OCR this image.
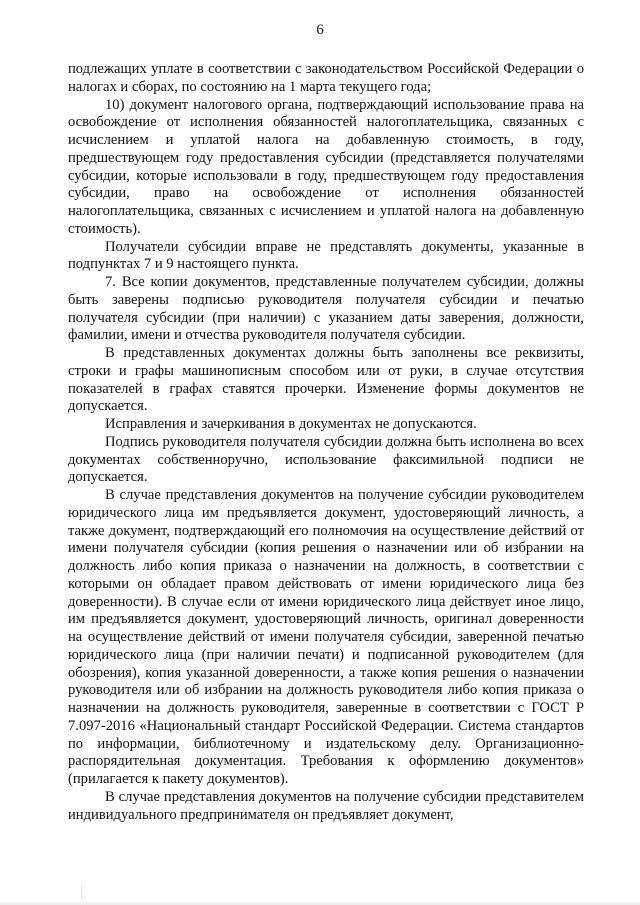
6

подлежащих уплате в соответствии с законодательством Российской Федерации о налогах и сборах, по состоянию на 1 марта текущего года;

10) документ налогового органа, подтверждающий использование права на освобождение от исполнения обязанностей налогоплательщика, связанных с исчислением и уплатой налога на добавленную стоимость, в году, предшествующем году предоставления субсидии (представляется получателями субсидии, которые использовали в году, предшествующем году предоставления субсидии, право на освобождение от исполнения обязанностей налогоплательщика, связанных с исчислением и уплатой налога на добавленную стоимость).

Получатели субсидии вправе не представлять документы, указанные в подпунктах 7 и 9 настоящего пункта.

7. Все копии документов, представленные получателем субсидии, должны быть заверены подписью руководителя получателя субсидии и печатью получателя субсидии (при наличии) с указанием даты заверения, должности, фамилии, имени и отчества руководителя получателя субсидии.

В представленных документах должны быть заполнены все реквизиты, строки и графы машинописным способом или от руки, в случае отсутствия показателей в графах ставятся прочерки. Изменение формы документов не допускается.

Исправления и зачеркивания в документах не допускаются.

Подпись руководителя получателя субсидии должна быть исполнена во всех документах собственноручно, использование факсимильной подписи не допускается.

В случае представления документов на получение субсидии руководителем юридического лица им предъявляется документ, удостоверяющий личность, а также документ, подтверждающий его полномочия на осуществление действий от имени получателя субсидии (копия решения о назначении или об избрании на должность либо копия приказа о назначении на должность, в соответствии с которыми он обладает правом действовать от имени юридического лица без доверенности). В случае если от имени юридического лица действует иное лицо, им предъявляется документ, удостоверяющий личность, оригинал доверенности на осуществление действий от имени получателя субсидии, заверенной печатью юридического лица (при наличии печати) и подписанной руководителем (для обозрения), копия указанной доверенности, а также копия решения о назначении руководителя или об избрании на должность руководителя либо копия приказа о назначении на должность руководителя, заверенные в соответствии с ГОСТ Р 7.097-2016 «Национальный стандарт Российской Федерации. Система стандартов по информации, библиотечному и издательскому делу. Организационно-распорядительная документация. Требования к оформлению документов» (прилагается к пакету документов).

В случае представления документов на получение субсидии представителем индивидуального предпринимателя он предъявляет документ,
